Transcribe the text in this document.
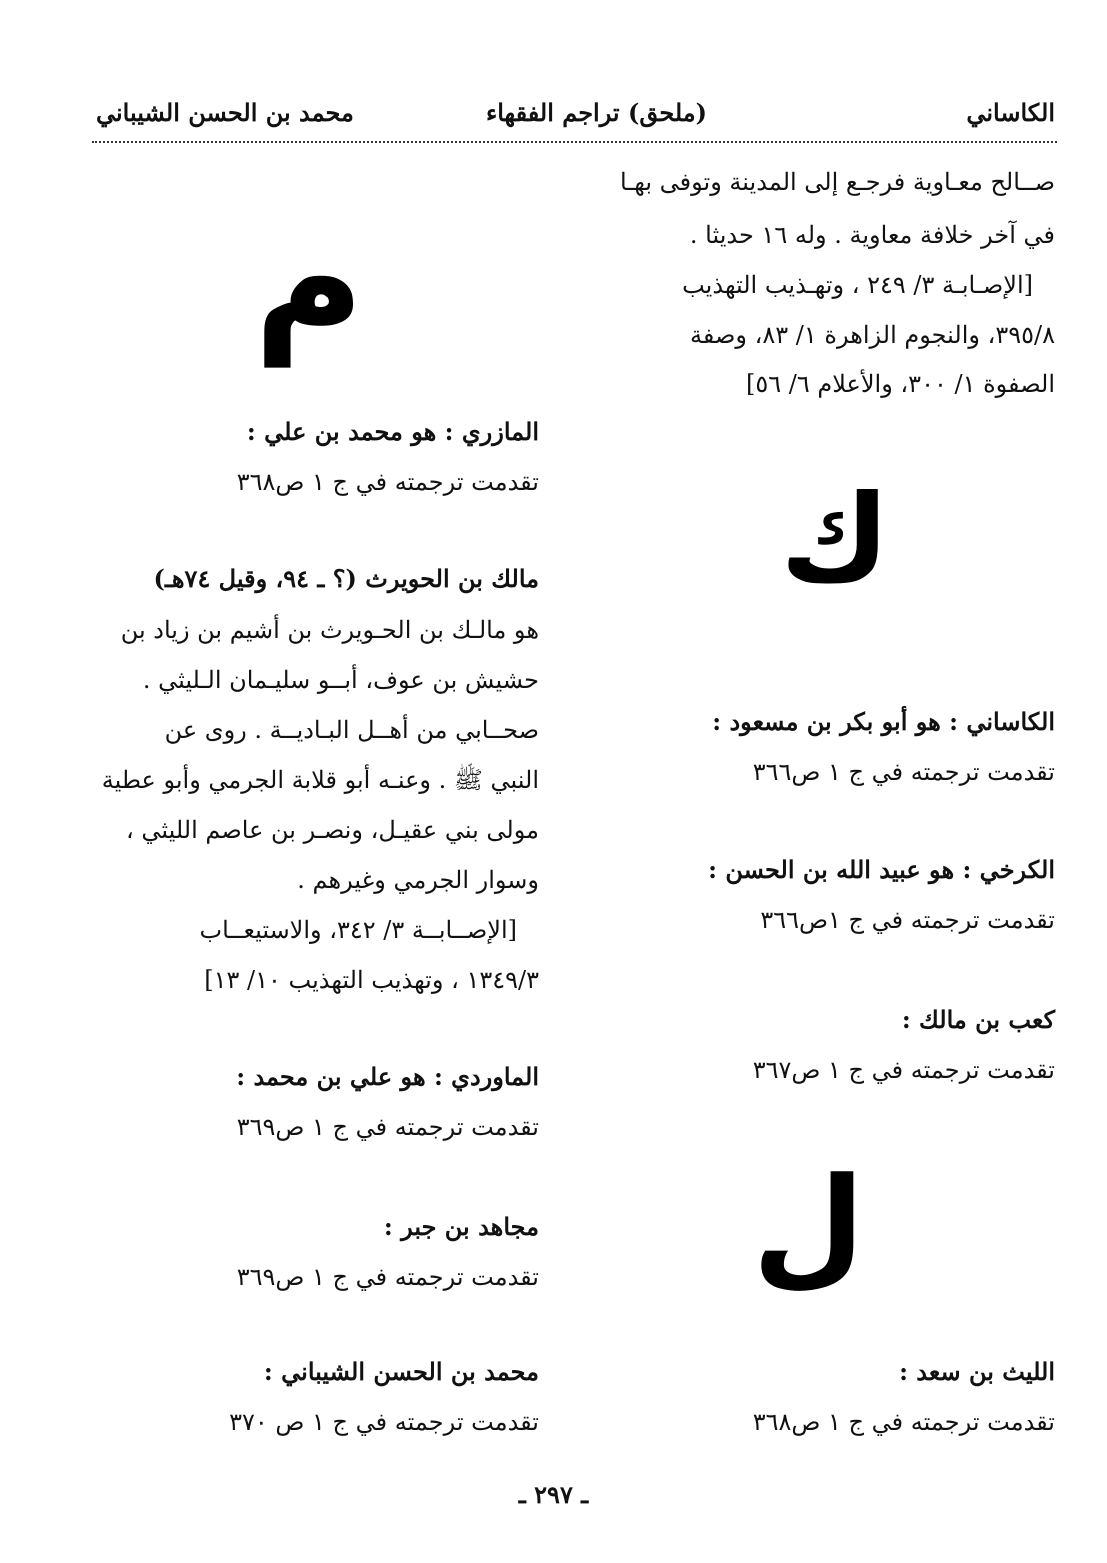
الكاساني
(ملحق) تراجم الفقهاء
محمد بن الحسن الشيباني
صــالح معـاوية فرجـع إلى المدينة وتوفى بهـا
في آخر خلافة معاوية . وله ١٦ حديثا .
[الإصـابـة ٣/ ٢٤٩ ، وتهـذيب التهذيب
٣٩٥/٨، والنجوم الزاهرة ١/ ٨٣، وصفة
الصفوة ١/ ٣٠٠، والأعلام ٦/ ٥٦]
ك
الكاساني : هو أبو بكر بن مسعود :
تقدمت ترجمته في ج ١ ص٣٦٦
الكرخي : هو عبيد الله بن الحسن :
تقدمت ترجمته في ج ١ص٣٦٦
كعب بن مالك :
تقدمت ترجمته في ج ١ ص٣٦٧
ل
الليث بن سعد :
تقدمت ترجمته في ج ١ ص٣٦٨
م
المازري : هو محمد بن علي :
تقدمت ترجمته في ج ١ ص٣٦٨
مالك بن الحويرث (؟ ـ ٩٤، وقيل ٧٤هـ)
هو مالـك بن الحـويرث بن أشيم بن زياد بن
حشيش بن عوف، أبــو سليـمان الـليثي .
صحــابي من أهــل البـاديــة . روى عن
النبي ﷺ . وعنـه أبو قلابة الجرمي وأبو عطية
مولى بني عقيـل، ونصـر بن عاصم الليثي ،
وسوار الجرمي وغيرهم .
[الإصــابــة ٣/ ٣٤٢، والاستيعــاب
١٣٤٩/٣ ، وتهذيب التهذيب ١٠/ ١٣]
الماوردي : هو علي بن محمد :
تقدمت ترجمته في ج ١ ص٣٦٩
مجاهد بن جبر :
تقدمت ترجمته في ج ١ ص٣٦٩
محمد بن الحسن الشيباني :
تقدمت ترجمته في ج ١ ص ٣٧٠
ـ ٢٩٧ ـ
